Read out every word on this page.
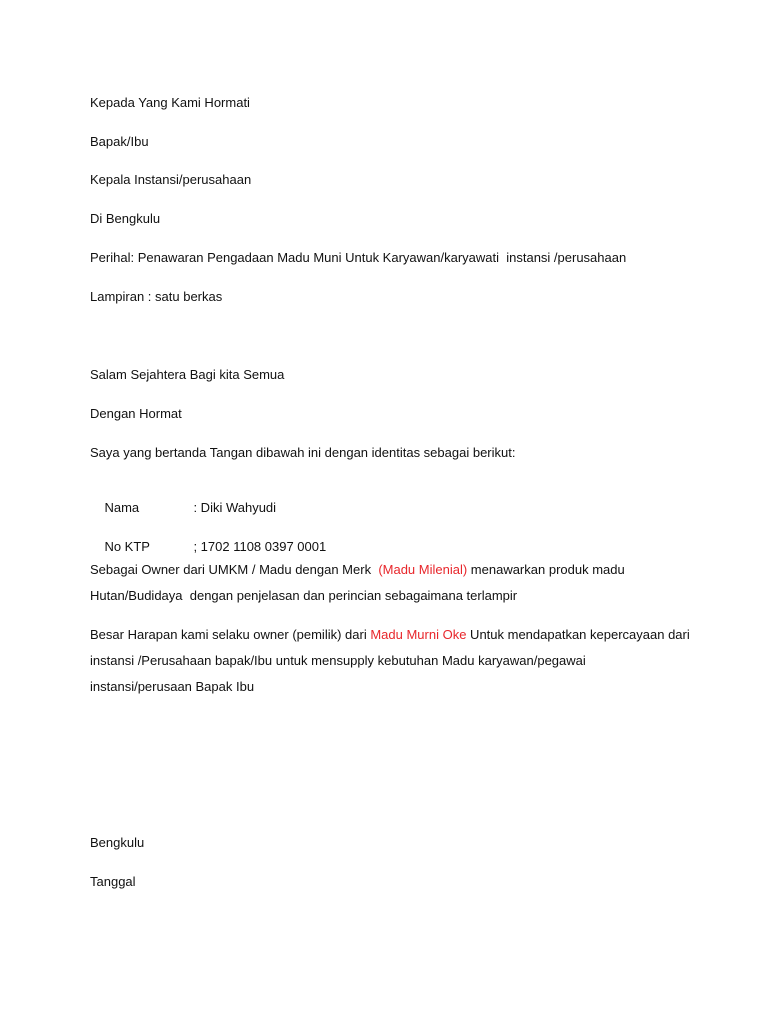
Kepada Yang Kami Hormati
Bapak/Ibu
Kepala Instansi/perusahaan
Di Bengkulu
Perihal: Penawaran Pengadaan Madu Muni Untuk Karyawan/karyawati  instansi /perusahaan
Lampiran : satu berkas
Salam Sejahtera Bagi kita Semua
Dengan Hormat
Saya yang bertanda Tangan dibawah ini dengan identitas sebagai berikut:

Nama	: Diki Wahyudi

No KTP	; 1702 1108 0397 0001

Sebagai Owner dari UMKM / Madu dengan Merk  (Madu Milenial) menawarkan produk madu
Hutan/Budidaya  dengan penjelasan dan perincian sebagaimana terlampir
Besar Harapan kami selaku owner (pemilik) dari Madu Murni Oke Untuk mendapatkan kepercayaan dari
instansi /Perusahaan bapak/Ibu untuk mensupply kebutuhan Madu karyawan/pegawai
instansi/perusaan Bapak Ibu
Bengkulu
Tanggal
